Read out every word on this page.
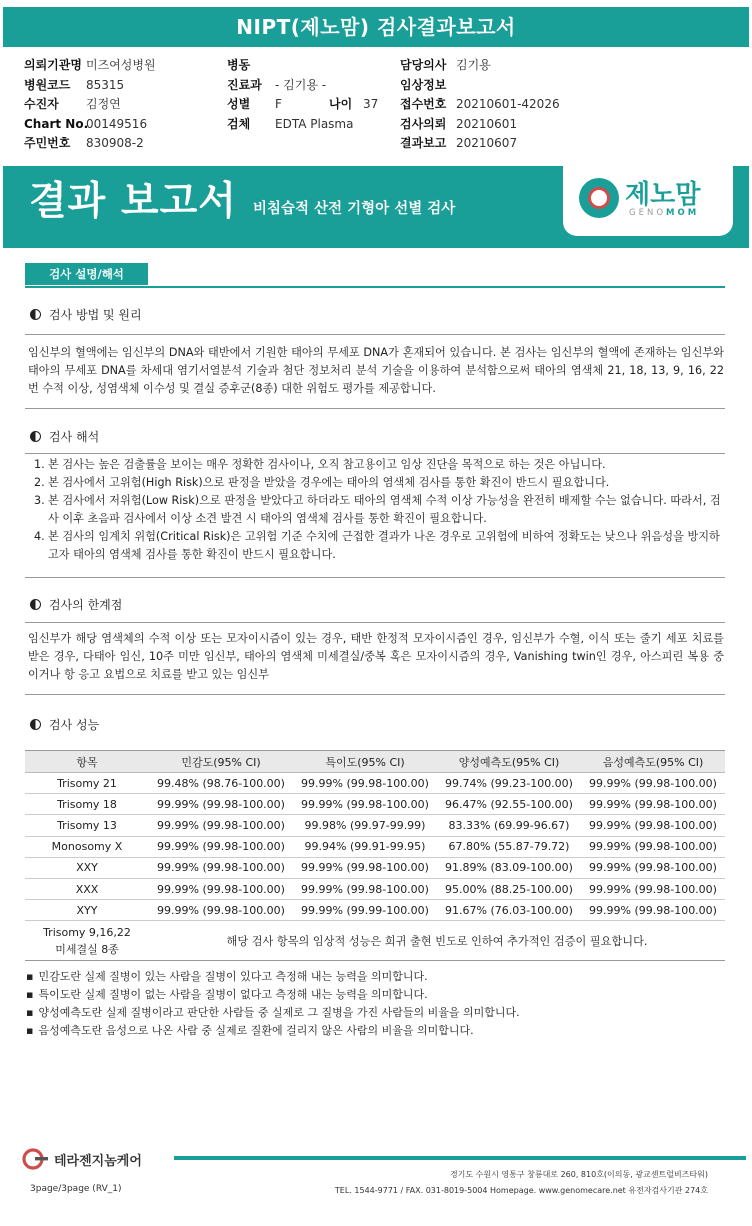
NIPT(제노맘) 검사결과보고서
의뢰기관명 미즈여성병원
병원코드 85315
수진자 김정연
Chart No.00149516
주민번호 830908-2
병동
진료과 - 김기용 -
성별 F	나이 37
검체 EDTA Plasma
담당의사 김기용
임상정보
접수번호 20210601-42026
검사의뢰 20210601
결과보고 20210607
결과 보고서 비침습적 산전 기형아 선별 검사	제노맘
GENOMOM
검사 설명/해석
검사 방법 및 원리
임신부의 혈액에는 임신부의 DNA와 태반에서 기원한 태아의 무세포 DNA가 혼재되어 있습니다. 본 검사는 임신부의 혈액에 존재하는 임신부와 태아의 무세포 DNA를 차세대 염기서열분석 기술과 첨단 정보처리 분석 기술을 이용하여 분석함으로써 태아의 염색체 21, 18, 13, 9, 16, 22번 수적 이상, 성염색체 이수성 및 결실 증후군(8종) 대한 위험도 평가를 제공합니다.
검사 해석
1. 본 검사는 높은 검출률을 보이는 매우 정확한 검사이나, 오직 참고용이고 임상 진단을 목적으로 하는 것은 아닙니다.
2. 본 검사에서 고위험(High Risk)으로 판정을 받았을 경우에는 태아의 염색체 검사를 통한 확진이 반드시 필요합니다.
3. 본 검사에서 저위험(Low Risk)으로 판정을 받았다고 하더라도 태아의 염색체 수적 이상 가능성을 완전히 배제할 수는 없습니다. 따라서, 검사 이후 초음파 검사에서 이상 소견 발견 시 태아의 염색체 검사를 통한 확진이 필요합니다.
4. 본 검사의 임계치 위험(Critical Risk)은 고위험 기준 수치에 근접한 결과가 나온 경우로 고위험에 비하여 정확도는 낮으나 위음성을 방지하고자 태아의 염색체 검사를 통한 확진이 반드시 필요합니다.
검사의 한계점
임신부가 해당 염색체의 수적 이상 또는 모자이시즘이 있는 경우, 태반 한정적 모자이시즘인 경우, 임신부가 수혈, 이식 또는 줄기 세포 치료를 받은 경우, 다태아 임신, 10주 미만 임신부, 태아의 염색체 미세결실/중복 혹은 모자이시즘의 경우, Vanishing twin인 경우, 아스피린 복용 중이거나 항 응고 요법으로 치료를 받고 있는 임신부
검사 성능
항목	민감도(95% CI)	특이도(95% CI)	양성예측도(95% CI)	음성예측도(95% CI)
Trisomy 21	99.48% (98.76-100.00)	99.99% (99.98-100.00)	99.74% (99.23-100.00)	99.99% (99.98-100.00)
Trisomy 18	99.99% (99.98-100.00)	99.99% (99.98-100.00)	96.47% (92.55-100.00)	99.99% (99.98-100.00)
Trisomy 13	99.99% (99.98-100.00)	99.98% (99.97-99.99)	83.33% (69.99-96.67)	99.99% (99.98-100.00)
Monosomy X	99.99% (99.98-100.00)	99.94% (99.91-99.95)	67.80% (55.87-79.72)	99.99% (99.98-100.00)
XXY	99.99% (99.98-100.00)	99.99% (99.98-100.00)	91.89% (83.09-100.00)	99.99% (99.98-100.00)
XXX	99.99% (99.98-100.00)	99.99% (99.98-100.00)	95.00% (88.25-100.00)	99.99% (99.98-100.00)
XYY	99.99% (99.98-100.00)	99.99% (99.99-100.00)	91.67% (76.03-100.00)	99.99% (99.98-100.00)

Trisomy 9,16,22
미세결실 8종	해당 검사 항목의 임상적 성능은 희귀 출현 빈도로 인하여 추가적인 검증이 필요합니다.			
▪ 민감도란 실제 질병이 있는 사람을 질병이 있다고 측정해 내는 능력을 의미합니다.
▪ 특이도란 실제 질병이 없는 사람을 질병이 없다고 측정해 내는 능력을 의미합니다.
▪ 양성예측도란 실제 질병이라고 판단한 사람들 중 실제로 그 질병을 가진 사람들의 비율을 의미합니다.
▪ 음성예측도란 음성으로 나온 사람 중 실제로 질환에 걸리지 않은 사람의 비율을 의미합니다.
테라젠지놈케어
경기도 수원시 영통구 창룡대로 260, 810호(이의동, 광교센트럴비즈타워)
TEL. 1544-9771 / FAX. 031-8019-5004 Homepage. www.genomecare.net 유전자검사기관 274호
3page/3page (RV_1)
